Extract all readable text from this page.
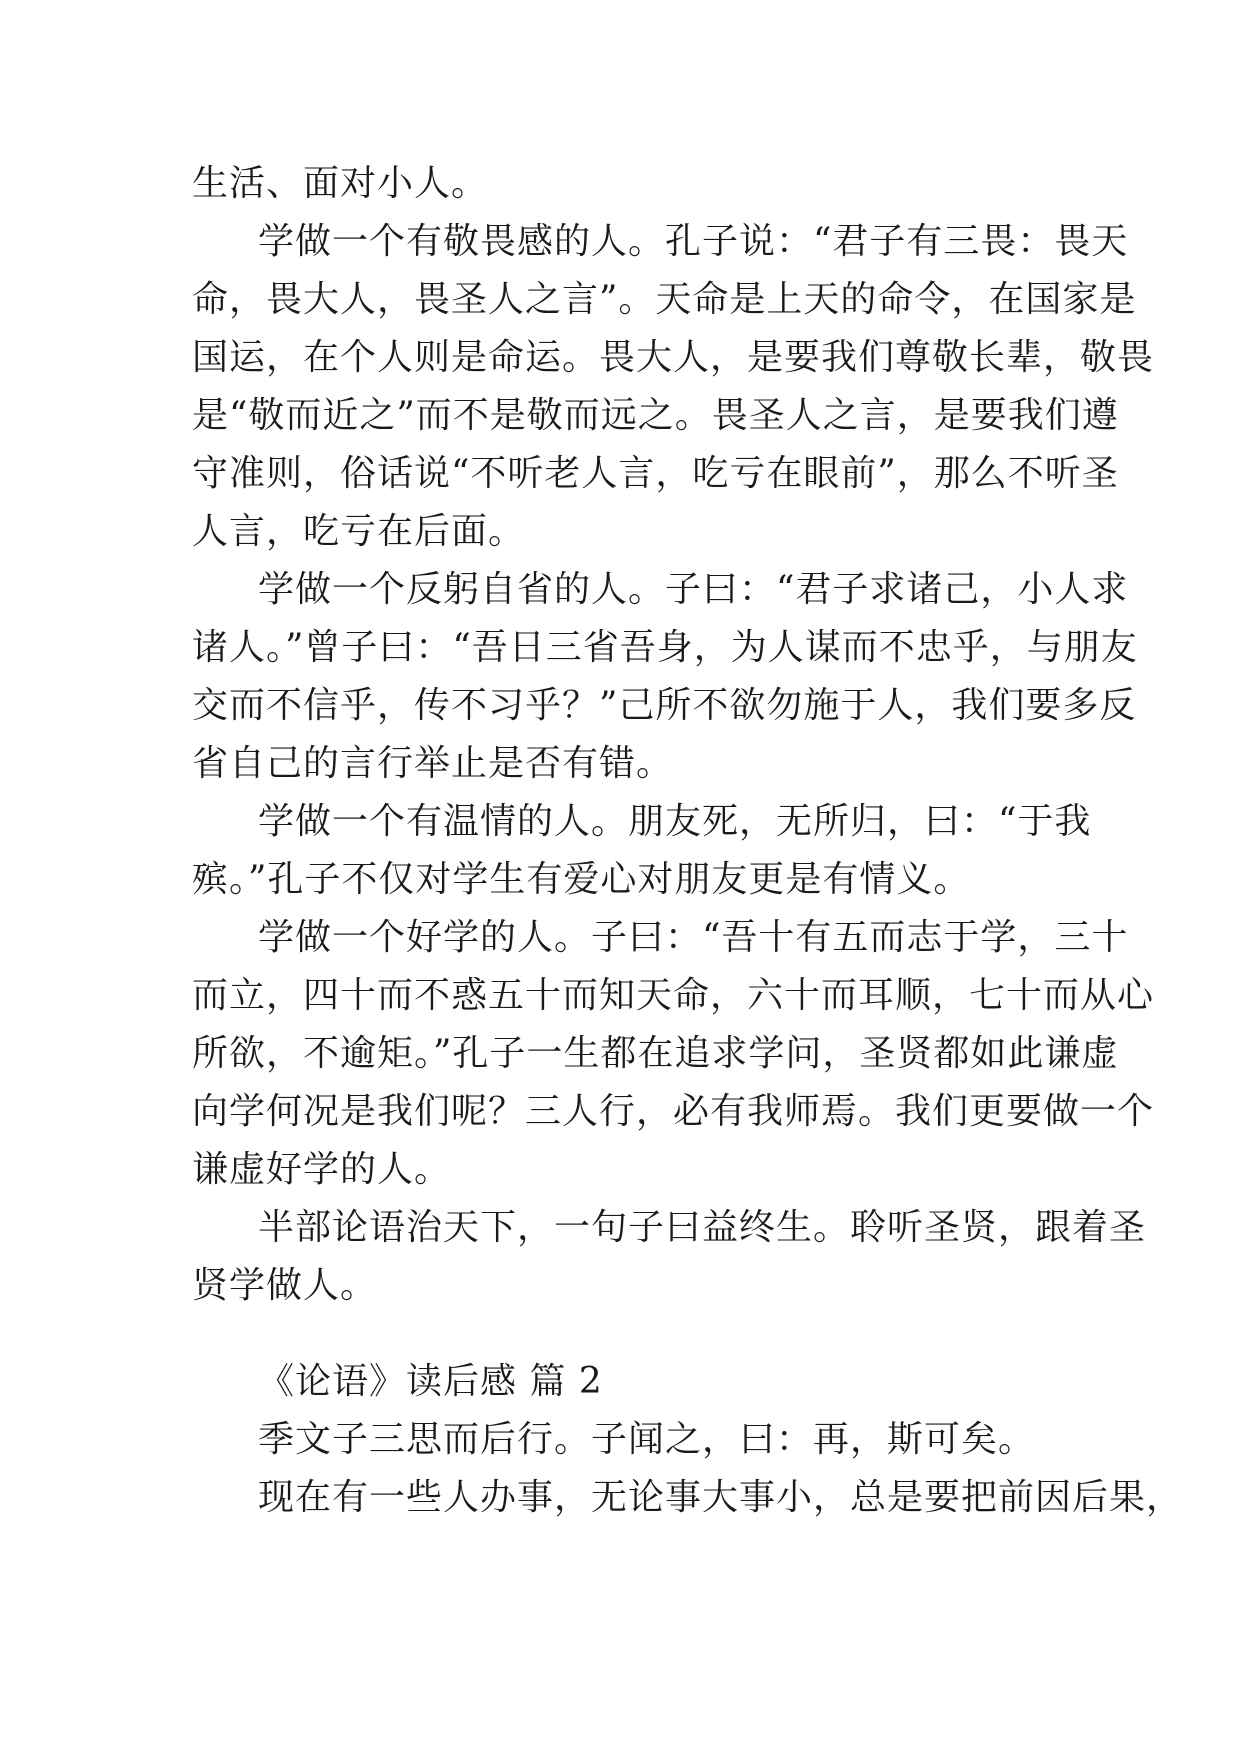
生活、面对小人。
学做一个有敬畏感的人。孔子说：“君子有三畏：畏天
命，畏大人，畏圣人之言”。天命是上天的命令，在国家是
国运，在个人则是命运。畏大人，是要我们尊敬长辈，敬畏
是“敬而近之”而不是敬而远之。畏圣人之言，是要我们遵
守准则，俗话说“不听老人言，吃亏在眼前”，那么不听圣
人言，吃亏在后面。
学做一个反躬自省的人。子曰：“君子求诸己，小人求
诸人。”曾子曰：“吾日三省吾身，为人谋而不忠乎，与朋友
交而不信乎，传不习乎？”己所不欲勿施于人，我们要多反
省自己的言行举止是否有错。
学做一个有温情的人。朋友死，无所归，曰：“于我
殡。”孔子不仅对学生有爱心对朋友更是有情义。
学做一个好学的人。子曰：“吾十有五而志于学，三十
而立，四十而不惑五十而知天命，六十而耳顺，七十而从心
所欲，不逾矩。”孔子一生都在追求学问，圣贤都如此谦虚
向学何况是我们呢？三人行，必有我师焉。我们更要做一个
谦虚好学的人。
半部论语治天下，一句子曰益终生。聆听圣贤，跟着圣
贤学做人。
《论语》读后感 篇 2
季文子三思而后行。子闻之，曰：再，斯可矣。
现在有一些人办事，无论事大事小，总是要把前因后果，
